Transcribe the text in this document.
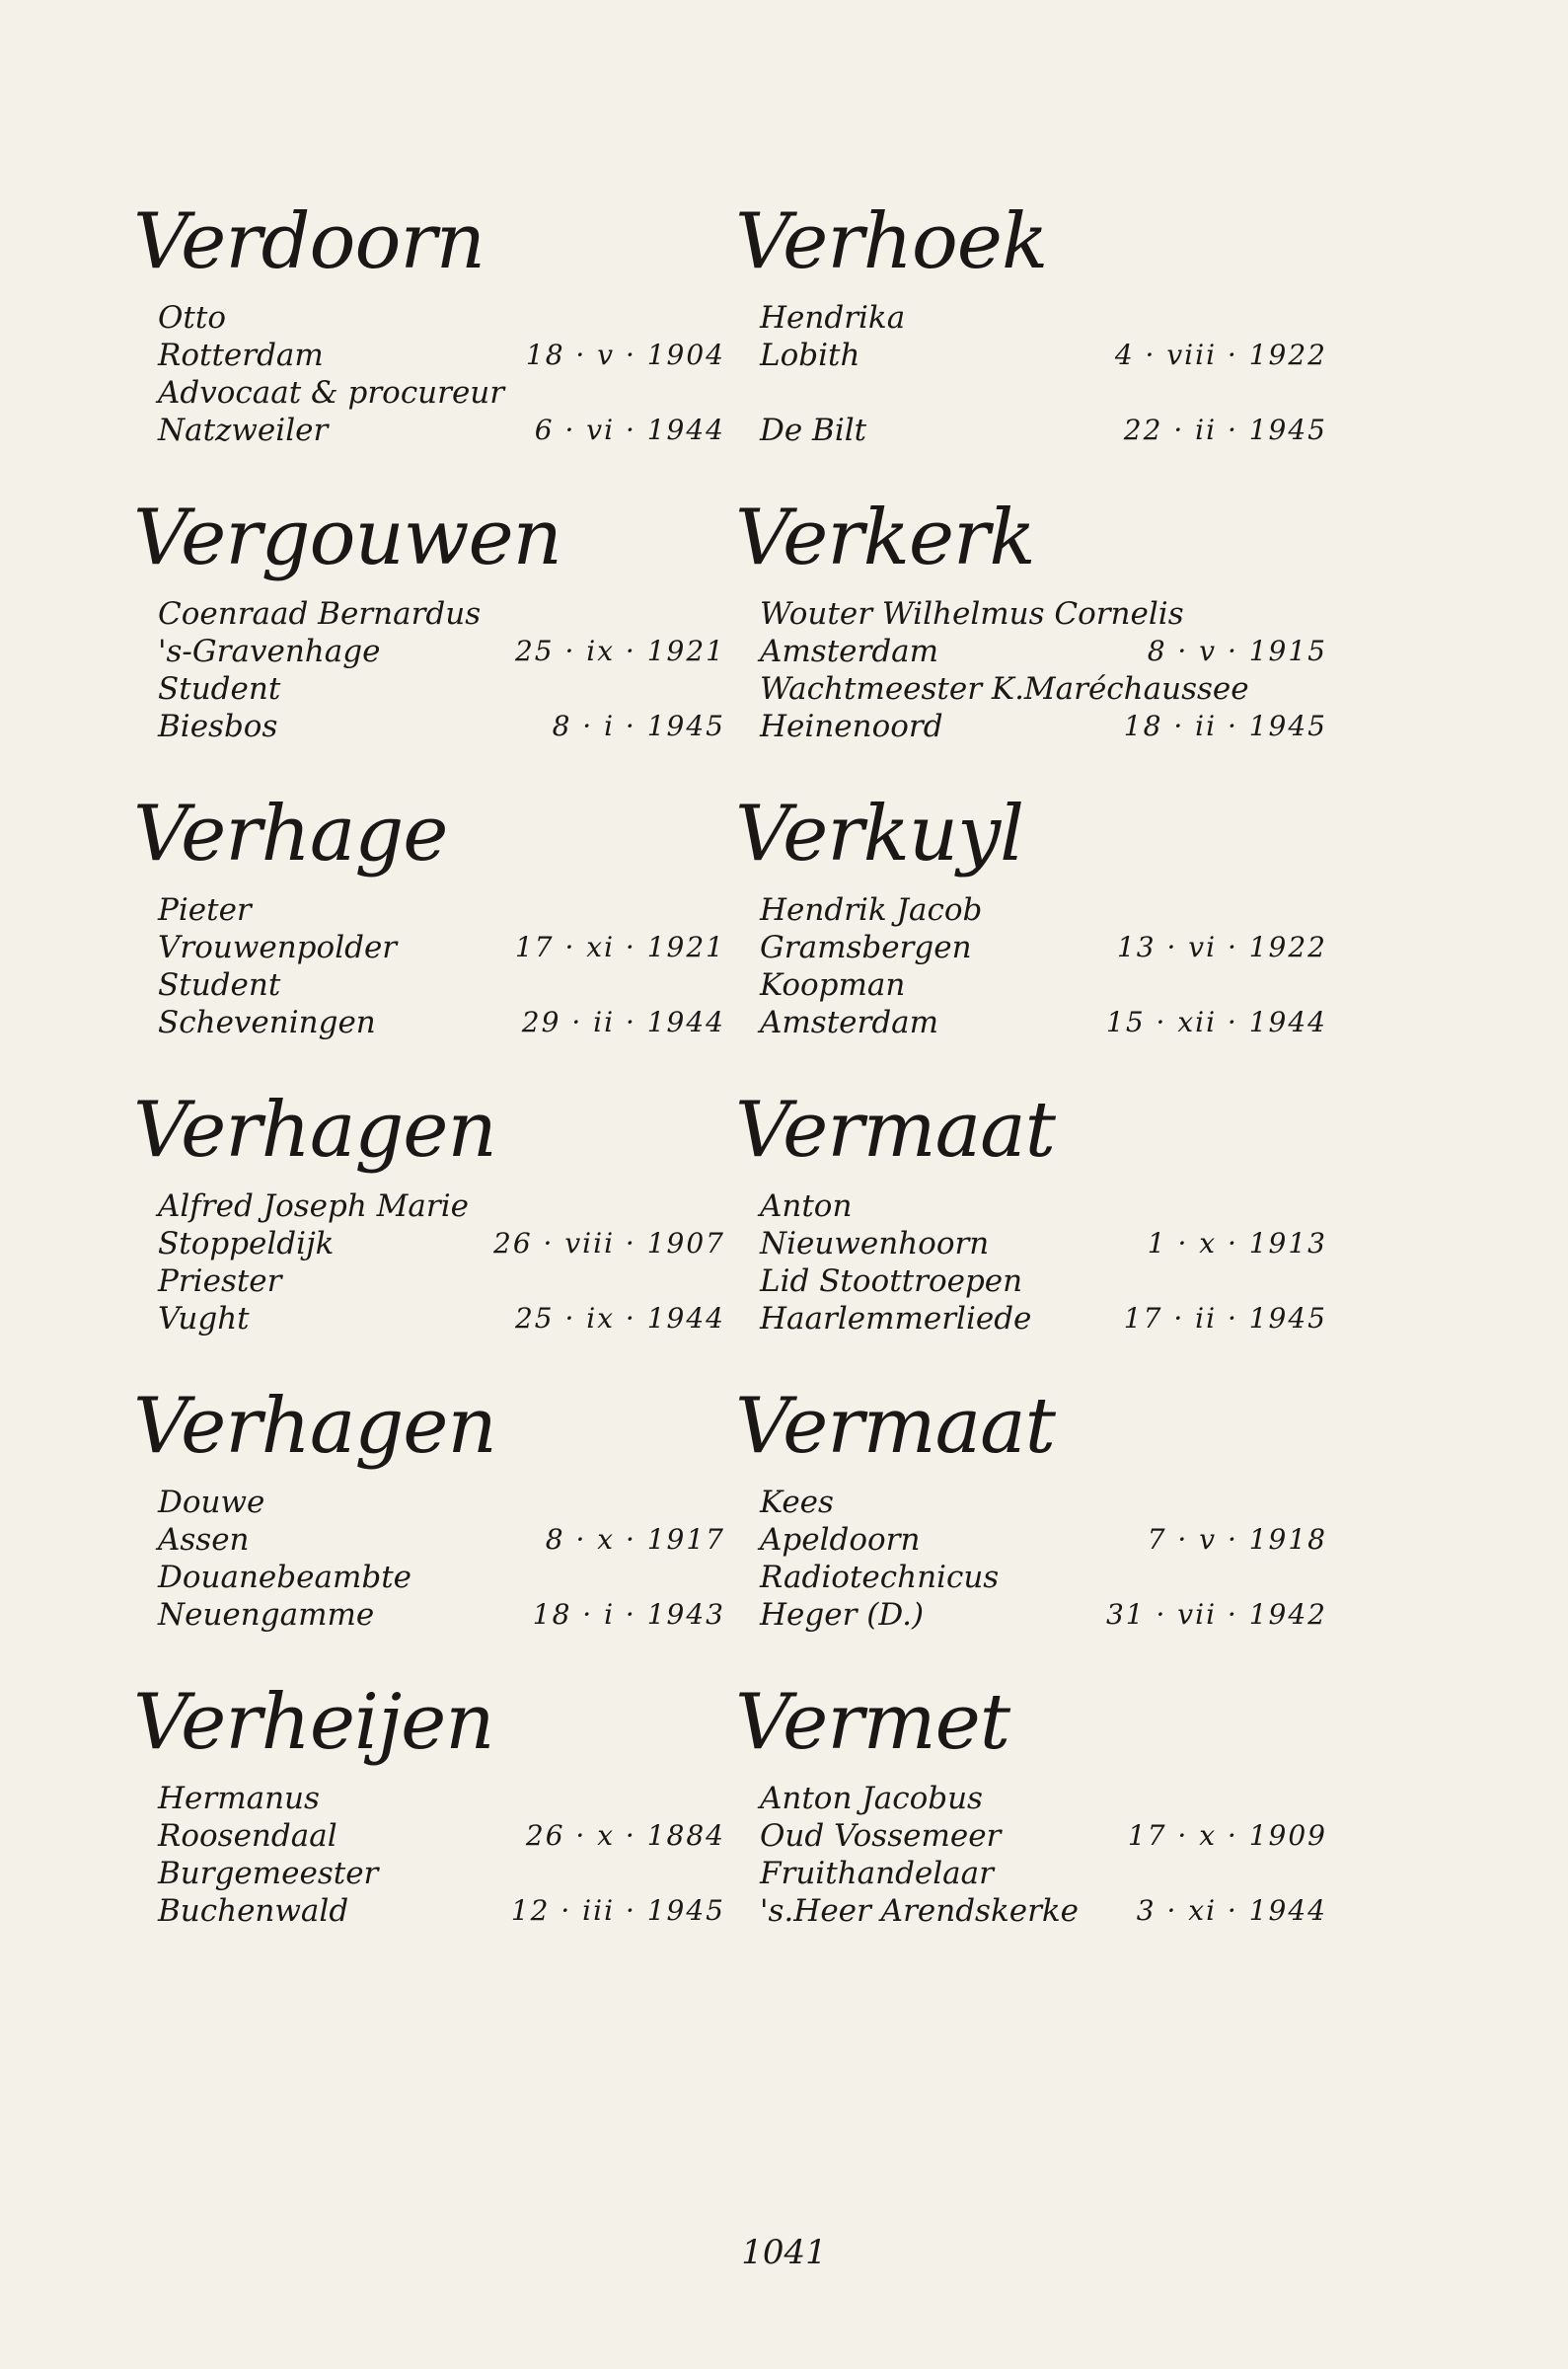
Verdoorn
Otto
Rotterdam	18 · v · 1904
Advocaat & procureur
Natzweiler	6 · vi · 1944
Vergouwen
Coenraad Bernardus
's-Gravenhage	25 · ix · 1921
Student
Biesbos	8 · i · 1945
Verhage
Pieter
Vrouwenpolder	17 · xi · 1921
Student
Scheveningen	29 · ii · 1944
Verhagen
Alfred Joseph Marie
Stoppeldijk	26 · viii · 1907
Priester
Vught	25 · ix · 1944
Verhagen
Douwe
Assen	8 · x · 1917
Douanebeambte
Neuengamme	18 · i · 1943
Verheijen
Hermanus
Roosendaal	26 · x · 1884
Burgemeester
Buchenwald	12 · iii · 1945
Verhoek
Hendrika
Lobith	4 · viii · 1922
De Bilt	22 · ii · 1945
Verkerk
Wouter Wilhelmus Cornelis
Amsterdam	8 · v · 1915
Wachtmeester K.Maréchaussee
Heinenoord	18 · ii · 1945
Verkuyl
Hendrik Jacob
Gramsbergen	13 · vi · 1922
Koopman
Amsterdam	15 · xii · 1944
Vermaat
Anton
Nieuwenhoorn	1 · x · 1913
Lid Stoottroepen
Haarlemmerliede	17 · ii · 1945
Vermaat
Kees
Apeldoorn	7 · v · 1918
Radiotechnicus
Heger (D.)	31 · vii · 1942
Vermet
Anton Jacobus
Oud Vossemeer	17 · x · 1909
Fruithandelaar
's.Heer Arendskerke 3 · xi · 1944
1041
